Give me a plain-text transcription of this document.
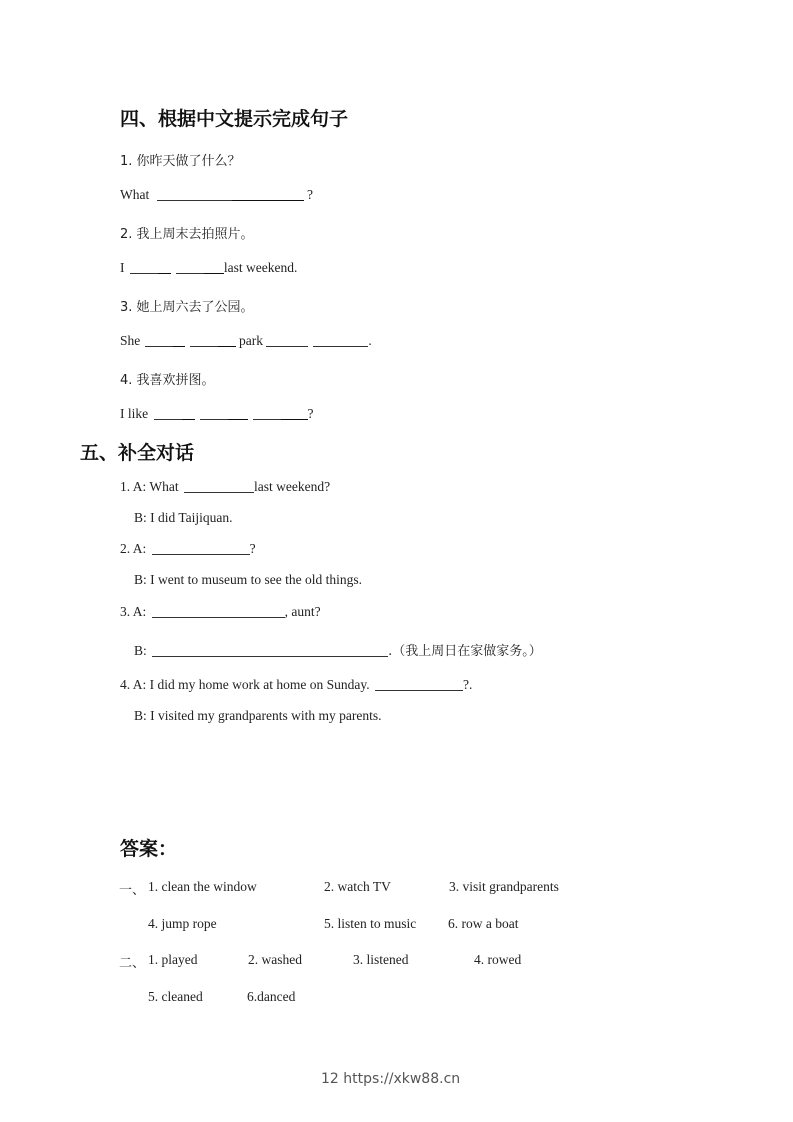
四、根据中文提示完成句子
1. 你昨天做了什么？
What	?
2. 我上周末去拍照片。
I	last weekend.
3. 她上周六去了公园。
She	park	.
4. 我喜欢拼图。
I like	?
五、补全对话
1. A: What	last weekend?
B: I did Taijiquan.
2. A:	?
B: I went to museum to see the old things.
3. A:	, aunt?
B:	.（我上周日在家做家务。）
4. A: I did my home work at home on Sunday.	?.
B: I visited my grandparents with my parents.
答案：
一、 1. clean the window	2. watch TV	3. visit grandparents
4. jump rope	5. listen to music 6. row a boat
二、 1. played	2. washed	3. listened	4. rowed
5. cleaned	6.danced
12 https://xkw88.cn
